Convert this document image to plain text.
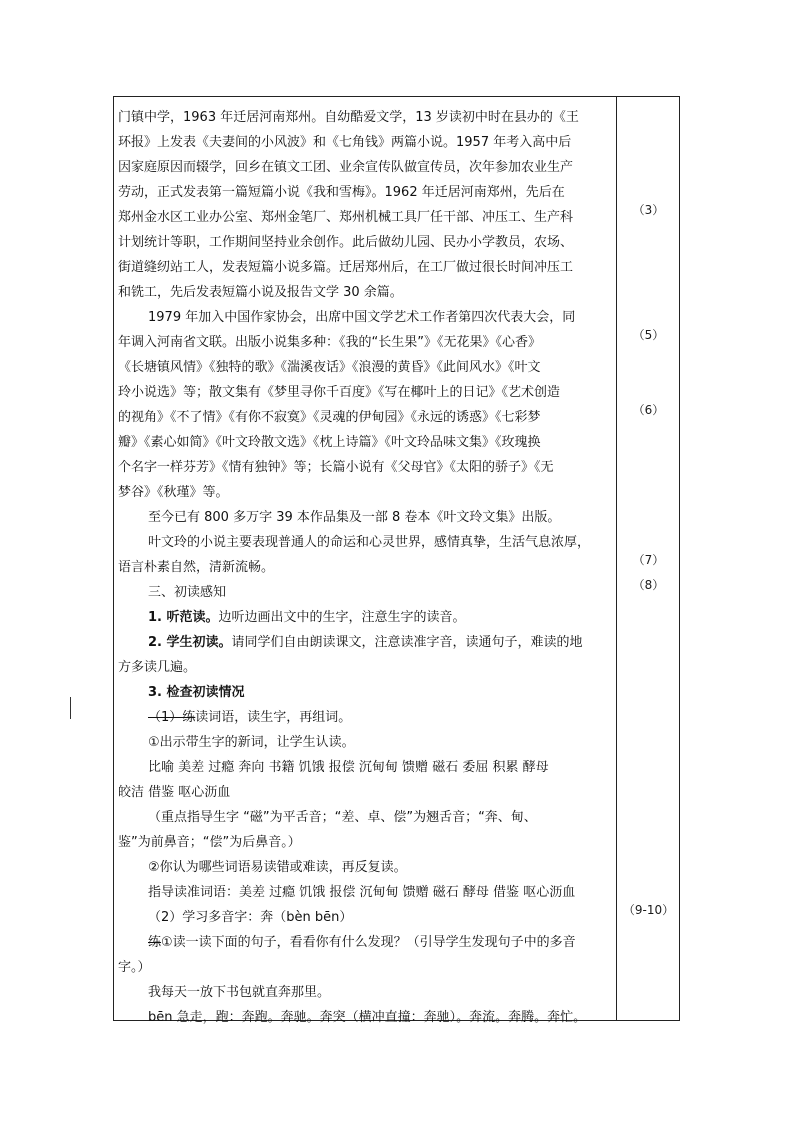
门镇中学，1963 年迁居河南郑州。自幼酷爱文学，13 岁读初中时在县办的《王
环报》上发表《夫妻间的小风波》和《七角钱》两篇小说。1957 年考入高中后
因家庭原因而辍学，回乡在镇文工团、业余宣传队做宣传员，次年参加农业生产
劳动，正式发表第一篇短篇小说《我和雪梅》。1962 年迁居河南郑州，先后在
郑州金水区工业办公室、郑州金笔厂、郑州机械工具厂任干部、冲压工、生产科
计划统计等职，工作期间坚持业余创作。此后做幼儿园、民办小学教员，农场、
街道缝纫站工人，发表短篇小说多篇。迁居郑州后，在工厂做过很长时间冲压工
和铣工，先后发表短篇小说及报告文学 30 余篇。
1979 年加入中国作家协会，出席中国文学艺术工作者第四次代表大会，同
年调入河南省文联。出版小说集多种：《我的“长生果”》《无花果》《心香》
《长塘镇风情》《独特的歌》《湍溪夜话》《浪漫的黄昏》《此间风水》《叶文
玲小说选》等；散文集有《梦里寻你千百度》《写在椰叶上的日记》《艺术创造
的视角》《不了情》《有你不寂寞》《灵魂的伊甸园》《永远的诱惑》《七彩梦
瓣》《素心如简》《叶文玲散文选》《枕上诗篇》《叶文玲品味文集》《玫瑰换
个名字一样芬芳》《情有独钟》等；长篇小说有《父母官》《太阳的骄子》《无
梦谷》《秋瑾》等。
至今已有 800 多万字 39 本作品集及一部 8 卷本《叶文玲文集》出版。
叶文玲的小说主要表现普通人的命运和心灵世界，感情真挚，生活气息浓厚，
语言朴素自然，清新流畅。
三、初读感知
1. 听范读。边听边画出文中的生字，注意生字的读音。
2. 学生初读。请同学们自由朗读课文，注意读准字音，读通句子，难读的地
方多读几遍。
3. 检查初读情况
（1）练读词语，读生字，再组词。
①出示带生字的新词，让学生认读。
比喻 美差 过瘾 奔向 书籍 饥饿 报偿 沉甸甸 馈赠 磁石 委屈 积累 酵母
皎洁 借鉴 呕心沥血
（重点指导生字 “磁”为平舌音；“差、卓、偿”为翘舌音；“奔、甸、
鉴”为前鼻音；“偿”为后鼻音。）
②你认为哪些词语易读错或难读，再反复读。
指导读准词语：美差 过瘾 饥饿 报偿 沉甸甸 馈赠 磁石 酵母 借鉴 呕心沥血
（2）学习多音字：奔（bèn bēn）
练①读一读下面的句子，看看你有什么发现？（引导学生发现句子中的多音
字。）
我每天一放下书包就直奔那里。
bēn 急走，跑：奔跑。奔驰。奔突（横冲直撞：奔驰）。奔流。奔腾。奔忙。
（3）
（5）
（6）
（7）
（8）
（9-10）
